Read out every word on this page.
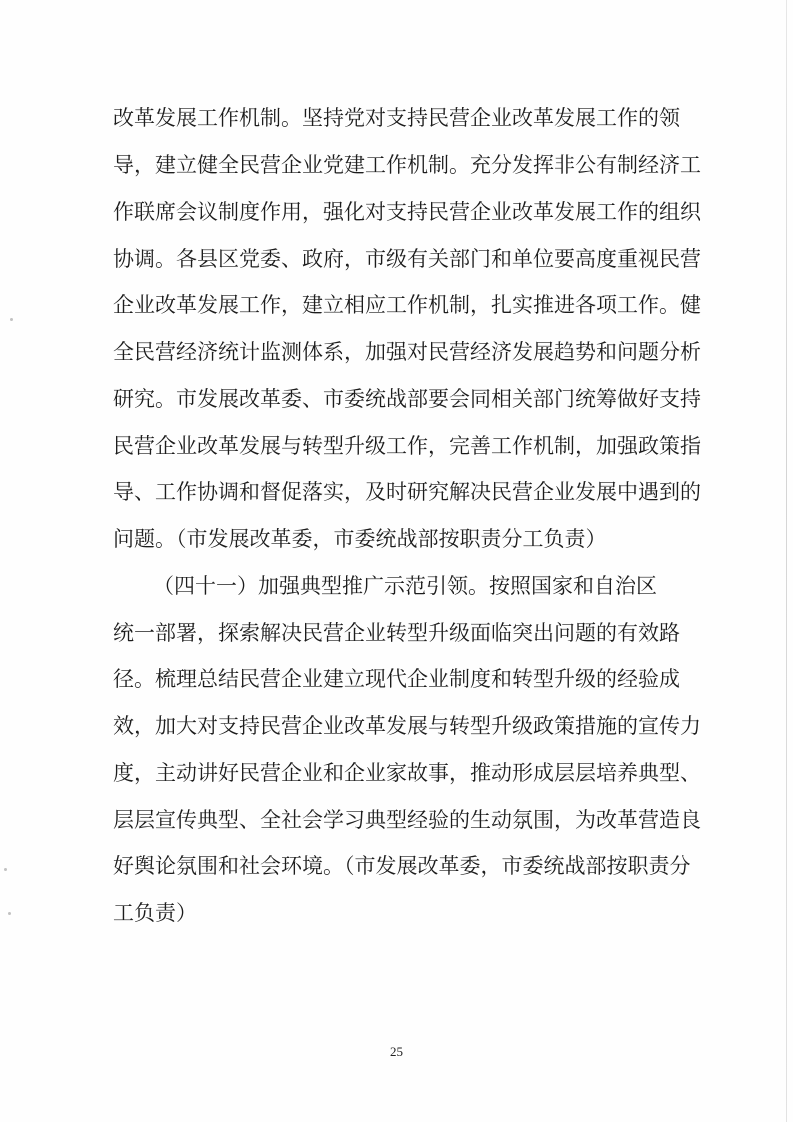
改革发展工作机制。坚持党对支持民营企业改革发展工作的领

导，建立健全民营企业党建工作机制。充分发挥非公有制经济工

作联席会议制度作用，强化对支持民营企业改革发展工作的组织

协调。各县区党委、政府，市级有关部门和单位要高度重视民营

企业改革发展工作，建立相应工作机制，扎实推进各项工作。健

全民营经济统计监测体系，加强对民营经济发展趋势和问题分析

研究。市发展改革委、市委统战部要会同相关部门统筹做好支持

民营企业改革发展与转型升级工作，完善工作机制，加强政策指

导、工作协调和督促落实，及时研究解决民营企业发展中遇到的

问题。（市发展改革委，市委统战部按职责分工负责）

（四十一）加强典型推广示范引领。按照国家和自治区

统一部署，探索解决民营企业转型升级面临突出问题的有效路

径。梳理总结民营企业建立现代企业制度和转型升级的经验成

效，加大对支持民营企业改革发展与转型升级政策措施的宣传力

度，主动讲好民营企业和企业家故事，推动形成层层培养典型、

层层宣传典型、全社会学习典型经验的生动氛围，为改革营造良

好舆论氛围和社会环境。（市发展改革委，市委统战部按职责分

工负责）

25
